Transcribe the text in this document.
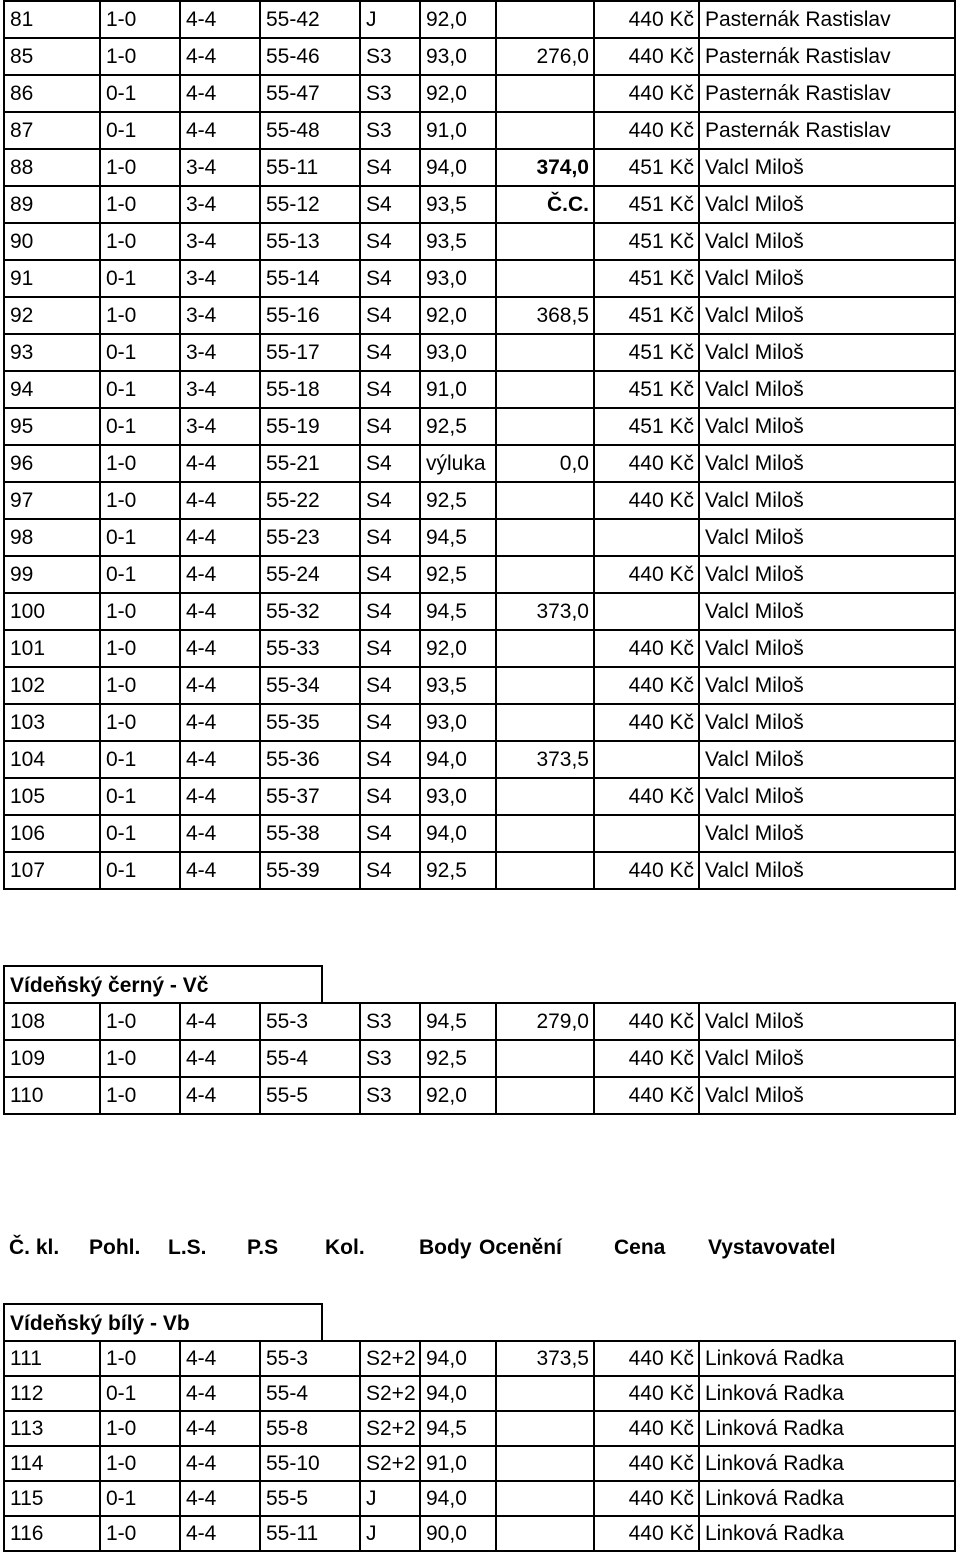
81	1-0	4-4	55-42	J	92,0		440 Kč	Pasternák Rastislav
85	1-0	4-4	55-46	S3	93,0	276,0	440 Kč	Pasternák Rastislav
86	0-1	4-4	55-47	S3	92,0		440 Kč	Pasternák Rastislav
87	0-1	4-4	55-48	S3	91,0		440 Kč	Pasternák Rastislav
88	1-0	3-4	55-11	S4	94,0	374,0	451 Kč	Valcl Miloš
89	1-0	3-4	55-12	S4	93,5	Č.C.	451 Kč	Valcl Miloš
90	1-0	3-4	55-13	S4	93,5		451 Kč	Valcl Miloš
91	0-1	3-4	55-14	S4	93,0		451 Kč	Valcl Miloš
92	1-0	3-4	55-16	S4	92,0	368,5	451 Kč	Valcl Miloš
93	0-1	3-4	55-17	S4	93,0		451 Kč	Valcl Miloš
94	0-1	3-4	55-18	S4	91,0		451 Kč	Valcl Miloš
95	0-1	3-4	55-19	S4	92,5		451 Kč	Valcl Miloš
96	1-0	4-4	55-21	S4	výluka	0,0	440 Kč	Valcl Miloš
97	1-0	4-4	55-22	S4	92,5		440 Kč	Valcl Miloš
98	0-1	4-4	55-23	S4	94,5			Valcl Miloš
99	0-1	4-4	55-24	S4	92,5		440 Kč	Valcl Miloš
100	1-0	4-4	55-32	S4	94,5	373,0		Valcl Miloš
101	1-0	4-4	55-33	S4	92,0		440 Kč	Valcl Miloš
102	1-0	4-4	55-34	S4	93,5		440 Kč	Valcl Miloš
103	1-0	4-4	55-35	S4	93,0		440 Kč	Valcl Miloš
104	0-1	4-4	55-36	S4	94,0	373,5		Valcl Miloš
105	0-1	4-4	55-37	S4	93,0		440 Kč	Valcl Miloš
106	0-1	4-4	55-38	S4	94,0			Valcl Miloš
107	0-1	4-4	55-39	S4	92,5		440 Kč	Valcl Miloš
Vídeňský černý - Vč
108	1-0	4-4	55-3	S3	94,5	279,0	440 Kč	Valcl Miloš
109	1-0	4-4	55-4	S3	92,5		440 Kč	Valcl Miloš
110	1-0	4-4	55-5	S3	92,0		440 Kč	Valcl Miloš
Č. kl. Pohl. L.S. P.S Kol.	Body Ocenění Cena Vystavovatel
Vídeňský bílý - Vb
111	1-0	4-4	55-3	S2+2	94,0	373,5	440 Kč	Linková Radka
112	0-1	4-4	55-4	S2+2	94,0		440 Kč	Linková Radka
113	1-0	4-4	55-8	S2+2	94,5		440 Kč	Linková Radka
114	1-0	4-4	55-10	S2+2	91,0		440 Kč	Linková Radka
115	0-1	4-4	55-5	J	94,0		440 Kč	Linková Radka
116	1-0	4-4	55-11	J	90,0		440 Kč	Linková Radka
